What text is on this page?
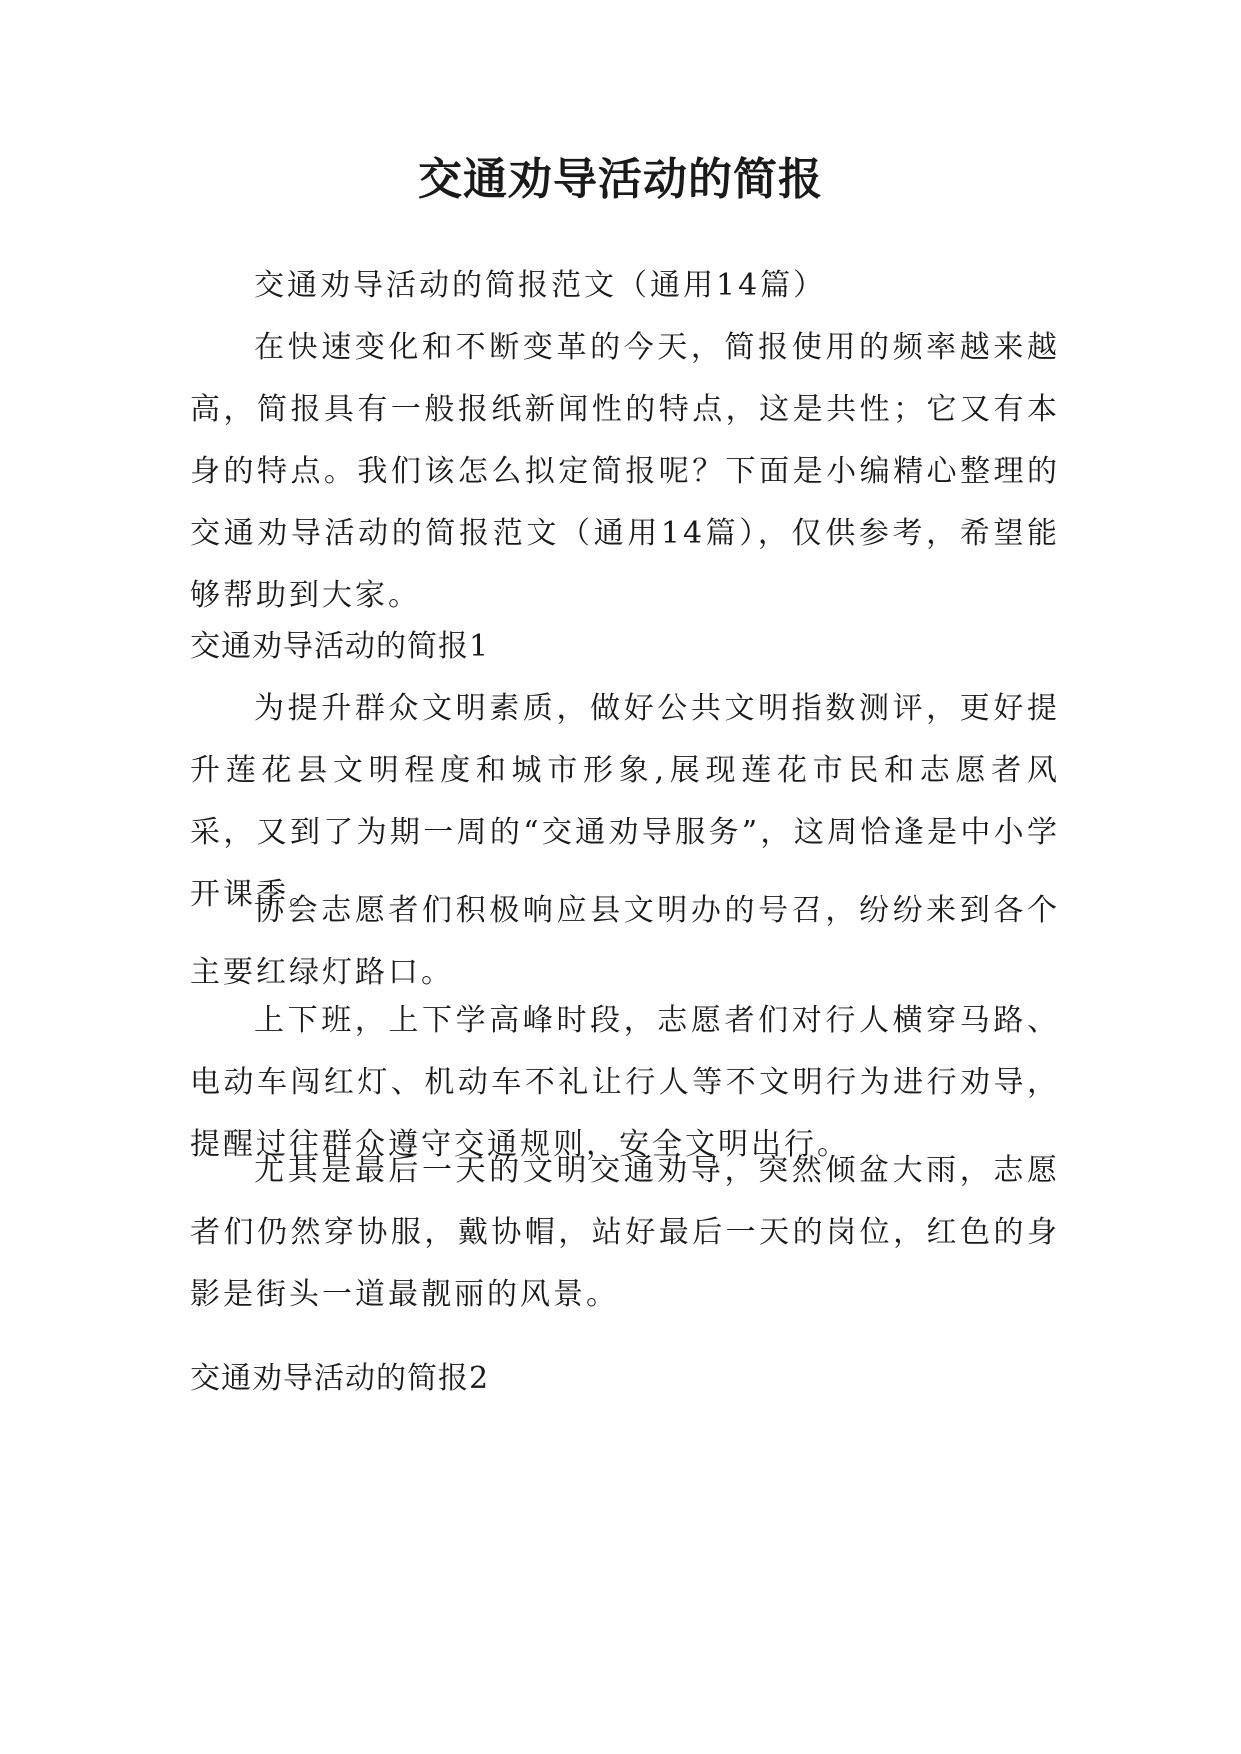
交通劝导活动的简报

交通劝导活动的简报范文（通用14篇）

在快速变化和不断变革的今天，简报使用的频率越来越高，简报具有一般报纸新闻性的特点，这是共性；它又有本身的特点。我们该怎么拟定简报呢？下面是小编精心整理的交通劝导活动的简报范文（通用14篇），仅供参考，希望能够帮助到大家。

交通劝导活动的简报1

为提升群众文明素质，做好公共文明指数测评，更好提升莲花县文明程度和城市形象,展现莲花市民和志愿者风采，又到了为期一周的“交通劝导服务”，这周恰逢是中小学开课季。

协会志愿者们积极响应县文明办的号召，纷纷来到各个主要红绿灯路口。

上下班，上下学高峰时段，志愿者们对行人横穿马路、电动车闯红灯、机动车不礼让行人等不文明行为进行劝导，提醒过往群众遵守交通规则，安全文明出行。

尤其是最后一天的文明交通劝导，突然倾盆大雨，志愿者们仍然穿协服，戴协帽，站好最后一天的岗位，红色的身影是街头一道最靓丽的风景。

交通劝导活动的简报2
